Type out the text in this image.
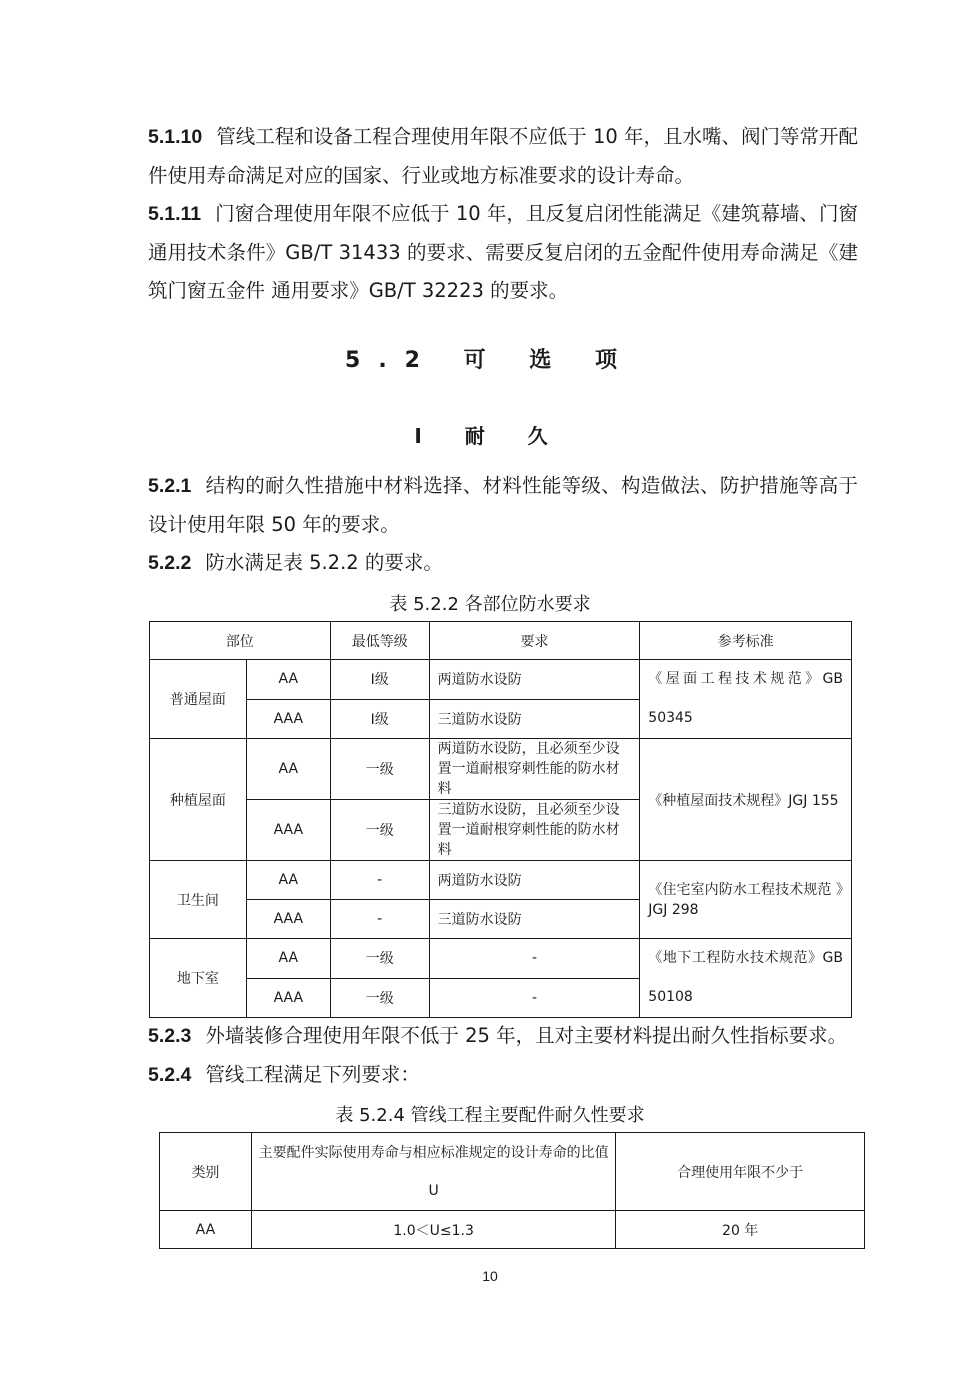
5.1.10 管线工程和设备工程合理使用年限不应低于 10 年，且水嘴、阀门等常开配件使用寿命满足对应的国家、行业或地方标准要求的设计寿命。

5.1.11 门窗合理使用年限不应低于 10 年，且反复启闭性能满足《建筑幕墙、门窗通用技术条件》GB/T 31433 的要求、需要反复启闭的五金配件使用寿命满足《建筑门窗五金件 通用要求》GB/T 32223 的要求。

5.2 可 选 项
Ⅰ 耐 久

5.2.1 结构的耐久性措施中材料选择、材料性能等级、构造做法、防护措施等高于设计使用年限 50 年的要求。

5.2.2 防水满足表 5.2.2 的要求。

表 5.2.2 各部位防水要求
部位		最低等级	要求	参考标准
普通屋面	AA	Ⅰ级	两道防水设防	《屋面工程技术规范》GB 50345
	AAA	Ⅰ级	三道防水设防	
种植屋面	AA	一级	两道防水设防，且必须至少设置一道耐根穿刺性能的防水材料	《种植屋面技术规程》JGJ 155
	AAA	一级	三道防水设防，且必须至少设置一道耐根穿刺性能的防水材料	
卫生间	AA	-	两道防水设防	《住宅室内防水工程技术规范 》JGJ 298
	AAA	-	三道防水设防	
地下室	AA	一级	-	《地下工程防水技术规范》GB 50108
	AAA	一级	-	

5.2.3 外墙装修合理使用年限不低于 25 年，且对主要材料提出耐久性指标要求。

5.2.4 管线工程满足下列要求：

表 5.2.4 管线工程主要配件耐久性要求
类别	主要配件实际使用寿命与相应标准规定的设计寿命的比值 U	合理使用年限不少于
AA	1.0＜U≤1.3	20 年
10
